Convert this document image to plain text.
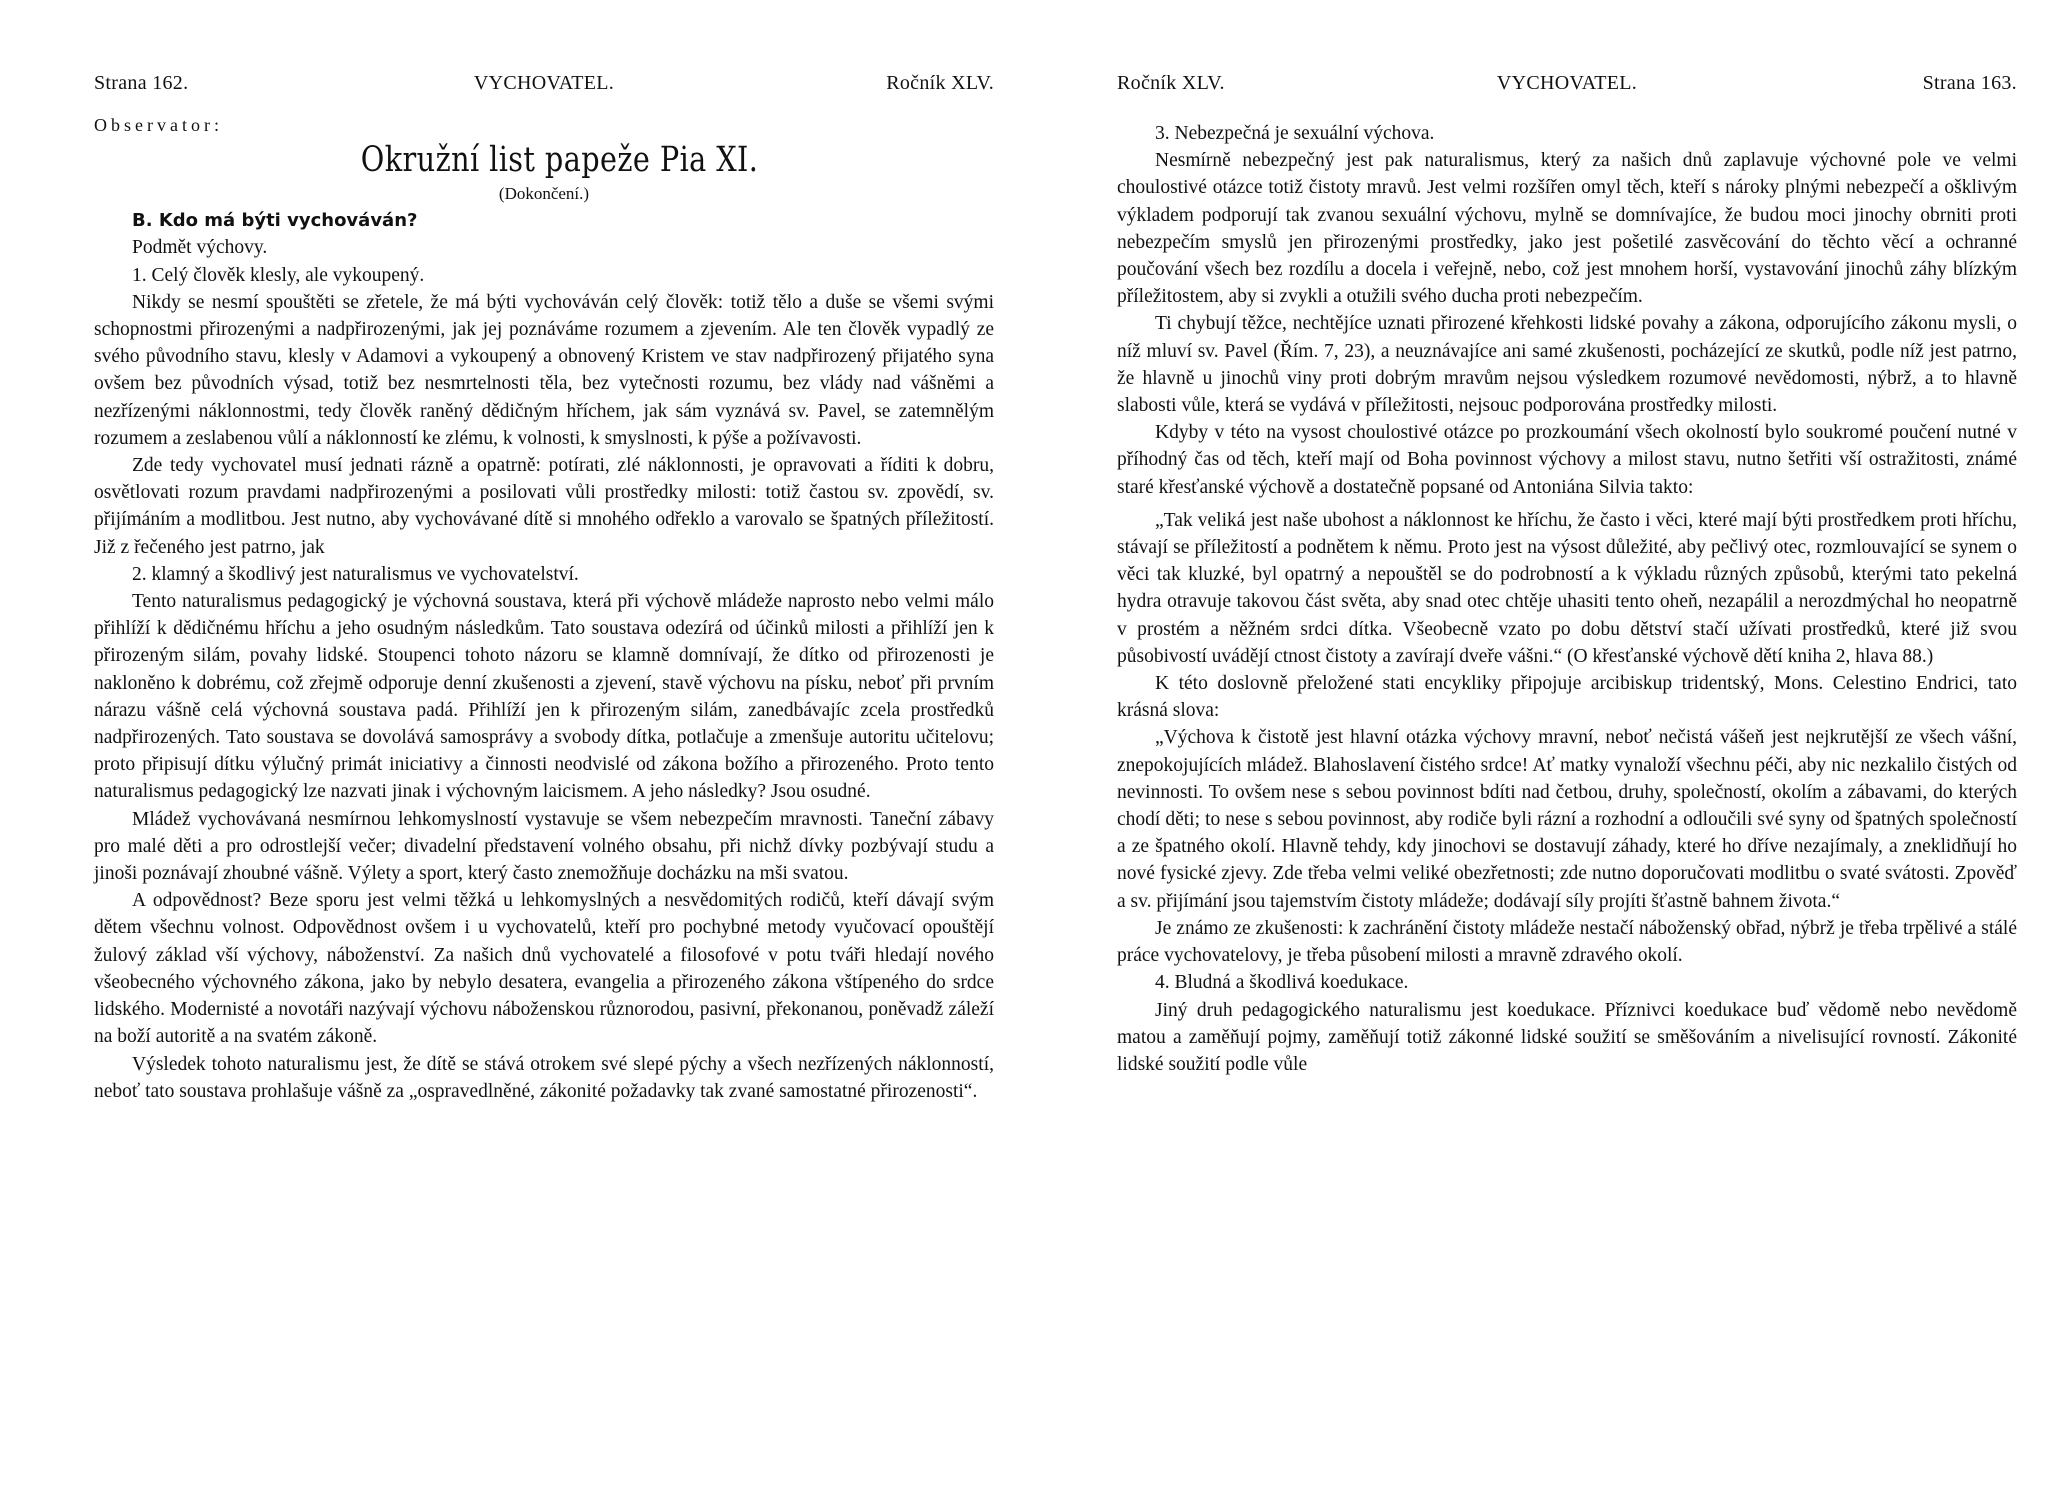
Strana 162.	VYCHOVATEL.	Ročník XLV.

Observator:

Okružní list papeže Pia XI.

(Dokončení.)

B. Kdo má býti vychováván?

Podmět výchovy.

1. Celý člověk klesly, ale vykoupený.

Nikdy se nesmí spouštěti se zřetele, že má býti vychováván celý člověk: totiž tělo a duše se všemi svými schopnostmi přirozenými a nadpřirozenými, jak jej poznáváme rozumem a zjevením. Ale ten člověk vypadlý ze svého původního stavu, klesly v Adamovi a vykoupený a obnovený Kristem ve stav nadpřirozený přijatého syna ovšem bez původních výsad, totiž bez nesmrtelnosti těla, bez vytečnosti rozumu, bez vlády nad vášněmi a nezřízenými náklonnostmi, tedy člověk raněný dědičným hříchem, jak sám vyznává sv. Pavel, se zatemnělým rozumem a zeslabenou vůlí a náklonností ke zlému, k volnosti, k smyslnosti, k pýše a požívavosti.

Zde tedy vychovatel musí jednati rázně a opatrně: potírati, zlé náklonnosti, je opravovati a říditi k dobru, osvětlovati rozum pravdami nadpřirozenými a posilovati vůli prostředky milosti: totiž častou sv. zpovědí, sv. přijímáním a modlitbou. Jest nutno, aby vychovávané dítě si mnohého odřeklo a varovalo se špatných příležitostí. Již z řečeného jest patrno, jak

2. klamný a škodlivý jest naturalismus ve vychovatelství.

Tento naturalismus pedagogický je výchovná soustava, která při výchově mládeže naprosto nebo velmi málo přihlíží k dědičnému hříchu a jeho osudným následkům. Tato soustava odezírá od účinků milosti a přihlíží jen k přirozeným silám, povahy lidské. Stoupenci tohoto názoru se klamně domnívají, že dítko od přirozenosti je nakloněno k dobrému, což zřejmě odporuje denní zkušenosti a zjevení, stavě výchovu na písku, neboť při prvním nárazu vášně celá výchovná soustava padá. Přihlíží jen k přirozeným silám, zanedbávajíc zcela prostředků nadpřirozených. Tato soustava se dovolává samosprávy a svobody dítka, potlačuje a zmenšuje autoritu učitelovu; proto připisují dítku výlučný primát iniciativy a činnosti neodvislé od zákona božího a přirozeného. Proto tento naturalismus pedagogický lze nazvati jinak i výchovným laicismem. A jeho následky? Jsou osudné.

Mládež vychovávaná nesmírnou lehkomyslností vystavuje se všem nebezpečím mravnosti. Taneční zábavy pro malé děti a pro odrostlejší večer; divadelní představení volného obsahu, při nichž dívky pozbývají studu a jinoši poznávají zhoubné vášně. Výlety a sport, který často znemožňuje docházku na mši svatou.

A odpovědnost? Beze sporu jest velmi těžká u lehkomyslných a nesvědomitých rodičů, kteří dávají svým dětem všechnu volnost. Odpovědnost ovšem i u vychovatelů, kteří pro pochybné metody vyučovací opouštějí žulový základ vší výchovy, náboženství. Za našich dnů vychovatelé a filosofové v potu tváři hledají nového všeobecného výchovného zákona, jako by nebylo desatera, evangelia a přirozeného zákona vštípeného do srdce lidského. Modernisté a novotáři nazývají výchovu náboženskou různorodou, pasivní, překonanou, poněvadž záleží na boží autoritě a na svatém zákoně.

Výsledek tohoto naturalismu jest, že dítě se stává otrokem své slepé pýchy a všech nezřízených náklonností, neboť tato soustava prohlašuje vášně za „ospravedlněné, zákonité požadavky tak zvané samostatné přirozenosti“.

Ročník XLV.	VYCHOVATEL.	Strana 163.

3. Nebezpečná je sexuální výchova.

Nesmírně nebezpečný jest pak naturalismus, který za našich dnů zaplavuje výchovné pole ve velmi choulostivé otázce totiž čistoty mravů. Jest velmi rozšířen omyl těch, kteří s nároky plnými nebezpečí a ošklivým výkladem podporují tak zvanou sexuální výchovu, mylně se domnívajíce, že budou moci jinochy obrniti proti nebezpečím smyslů jen přirozenými prostředky, jako jest pošetilé zasvěcování do těchto věcí a ochranné poučování všech bez rozdílu a docela i veřejně, nebo, což jest mnohem horší, vystavování jinochů záhy blízkým příležitostem, aby si zvykli a otužili svého ducha proti nebezpečím.

Ti chybují těžce, nechtějíce uznati přirozené křehkosti lidské povahy a zákona, odporujícího zákonu mysli, o níž mluví sv. Pavel (Řím. 7, 23), a neuznávajíce ani samé zkušenosti, pocházející ze skutků, podle níž jest patrno, že hlavně u jinochů viny proti dobrým mravům nejsou výsledkem rozumové nevědomosti, nýbrž, a to hlavně slabosti vůle, která se vydává v příležitosti, nejsouc podporována prostředky milosti.

Kdyby v této na vysost choulostivé otázce po prozkoumání všech okolností bylo soukromé poučení nutné v příhodný čas od těch, kteří mají od Boha povinnost výchovy a milost stavu, nutno šetřiti vší ostražitosti, známé staré křesťanské výchově a dostatečně popsané od Antoniána Silvia takto:

„Tak veliká jest naše ubohost a náklonnost ke hříchu, že často i věci, které mají býti prostředkem proti hříchu, stávají se příležitostí a podnětem k němu. Proto jest na výsost důležité, aby pečlivý otec, rozmlouvající se synem o věci tak kluzké, byl opatrný a nepouštěl se do podrobností a k výkladu různých způsobů, kterými tato pekelná hydra otravuje takovou část světa, aby snad otec chtěje uhasiti tento oheň, nezapálil a nerozdmýchal ho neopatrně v prostém a něžném srdci dítka. Všeobecně vzato po dobu dětství stačí užívati prostředků, které již svou působivostí uvádějí ctnost čistoty a zavírají dveře vášni.“ (O křesťanské výchově dětí kniha 2, hlava 88.)

K této doslovně přeložené stati encykliky připojuje arcibiskup tridentský, Mons. Celestino Endrici, tato krásná slova:

„Výchova k čistotě jest hlavní otázka výchovy mravní, neboť nečistá vášeň jest nejkrutější ze všech vášní, znepokojujících mládež. Blahoslavení čistého srdce! Ať matky vynaloží všechnu péči, aby nic nezkalilo čistých od nevinnosti. To ovšem nese s sebou povinnost bdíti nad četbou, druhy, společností, okolím a zábavami, do kterých chodí děti; to nese s sebou povinnost, aby rodiče byli rázní a rozhodní a odloučili své syny od špatných společností a ze špatného okolí. Hlavně tehdy, kdy jinochovi se dostavují záhady, které ho dříve nezajímaly, a zneklidňují ho nové fysické zjevy. Zde třeba velmi veliké obezřetnosti; zde nutno doporučovati modlitbu o svaté svátosti. Zpověď a sv. přijímání jsou tajemstvím čistoty mládeže; dodávají síly projíti šťastně bahnem života.“

Je známo ze zkušenosti: k zachránění čistoty mládeže nestačí náboženský obřad, nýbrž je třeba trpělivé a stálé práce vychovatelovy, je třeba působení milosti a mravně zdravého okolí.

4. Bludná a škodlivá koedukace.

Jiný druh pedagogického naturalismu jest koedukace. Příznivci koedukace buď vědomě nebo nevědomě matou a zaměňují pojmy, zaměňují totiž zákonné lidské soužití se směšováním a nivelisující rovností. Zákonité lidské soužití podle vůle
